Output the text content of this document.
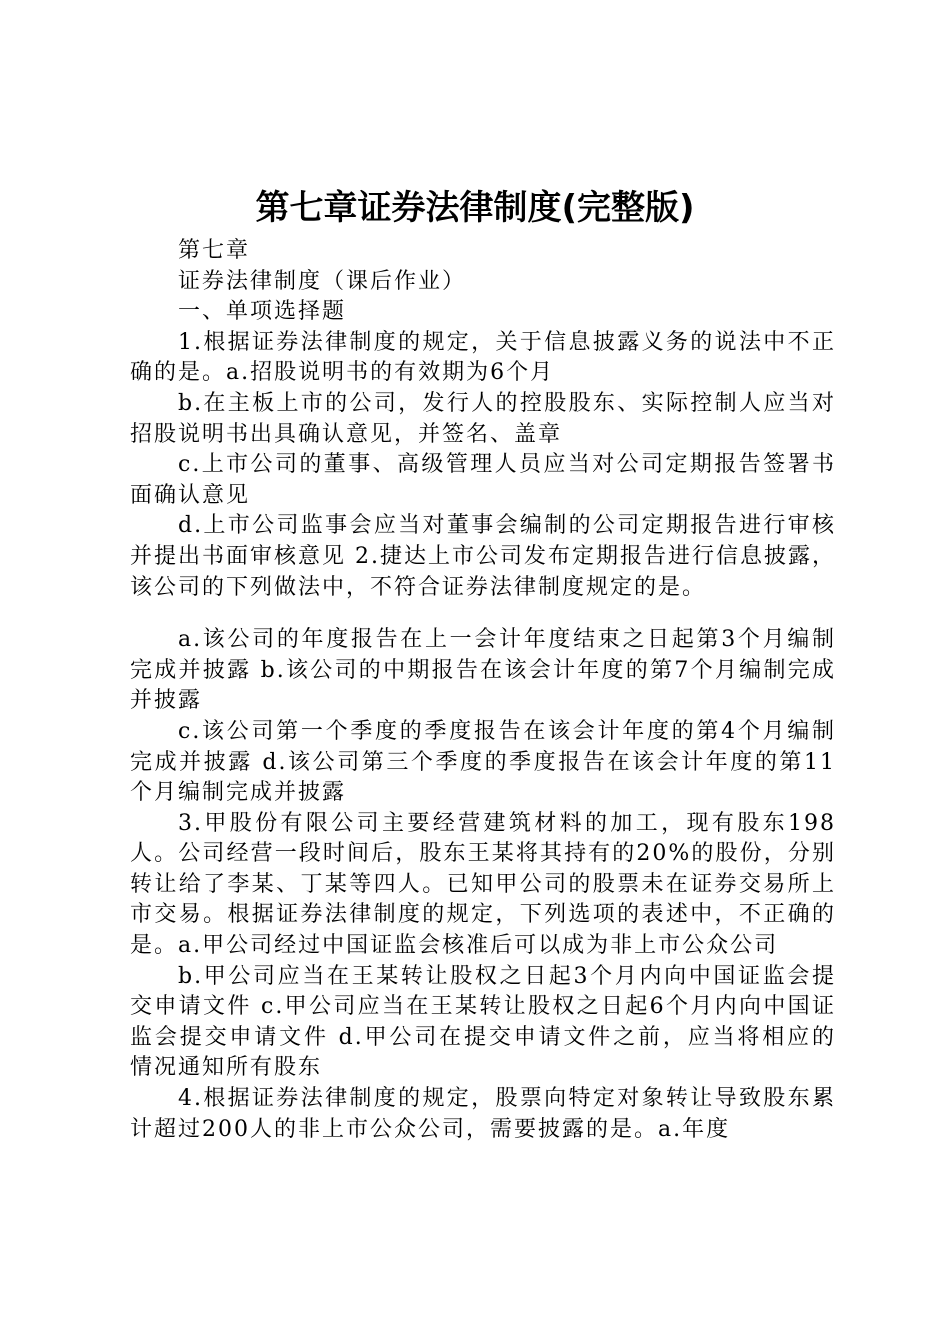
第七章证券法律制度(完整版)

第七章

证券法律制度（课后作业）

一、单项选择题

1.根据证券法律制度的规定，关于信息披露义务的说法中不正确的是。a.招股说明书的有效期为6个月

b.在主板上市的公司，发行人的控股股东、实际控制人应当对招股说明书出具确认意见，并签名、盖章

c.上市公司的董事、高级管理人员应当对公司定期报告签署书面确认意见

d.上市公司监事会应当对董事会编制的公司定期报告进行审核并提出书面审核意见 2.捷达上市公司发布定期报告进行信息披露，该公司的下列做法中，不符合证券法律制度规定的是。

a.该公司的年度报告在上一会计年度结束之日起第3个月编制完成并披露 b.该公司的中期报告在该会计年度的第7个月编制完成并披露

c.该公司第一个季度的季度报告在该会计年度的第4个月编制完成并披露 d.该公司第三个季度的季度报告在该会计年度的第11个月编制完成并披露

3.甲股份有限公司主要经营建筑材料的加工，现有股东198人。公司经营一段时间后，股东王某将其持有的20%的股份，分别转让给了李某、丁某等四人。已知甲公司的股票未在证券交易所上市交易。根据证券法律制度的规定，下列选项的表述中，不正确的是。a.甲公司经过中国证监会核准后可以成为非上市公众公司

b.甲公司应当在王某转让股权之日起3个月内向中国证监会提交申请文件 c.甲公司应当在王某转让股权之日起6个月内向中国证监会提交申请文件 d.甲公司在提交申请文件之前，应当将相应的情况通知所有股东

4.根据证券法律制度的规定，股票向特定对象转让导致股东累计超过200人的非上市公众公司，需要披露的是。a.年度
